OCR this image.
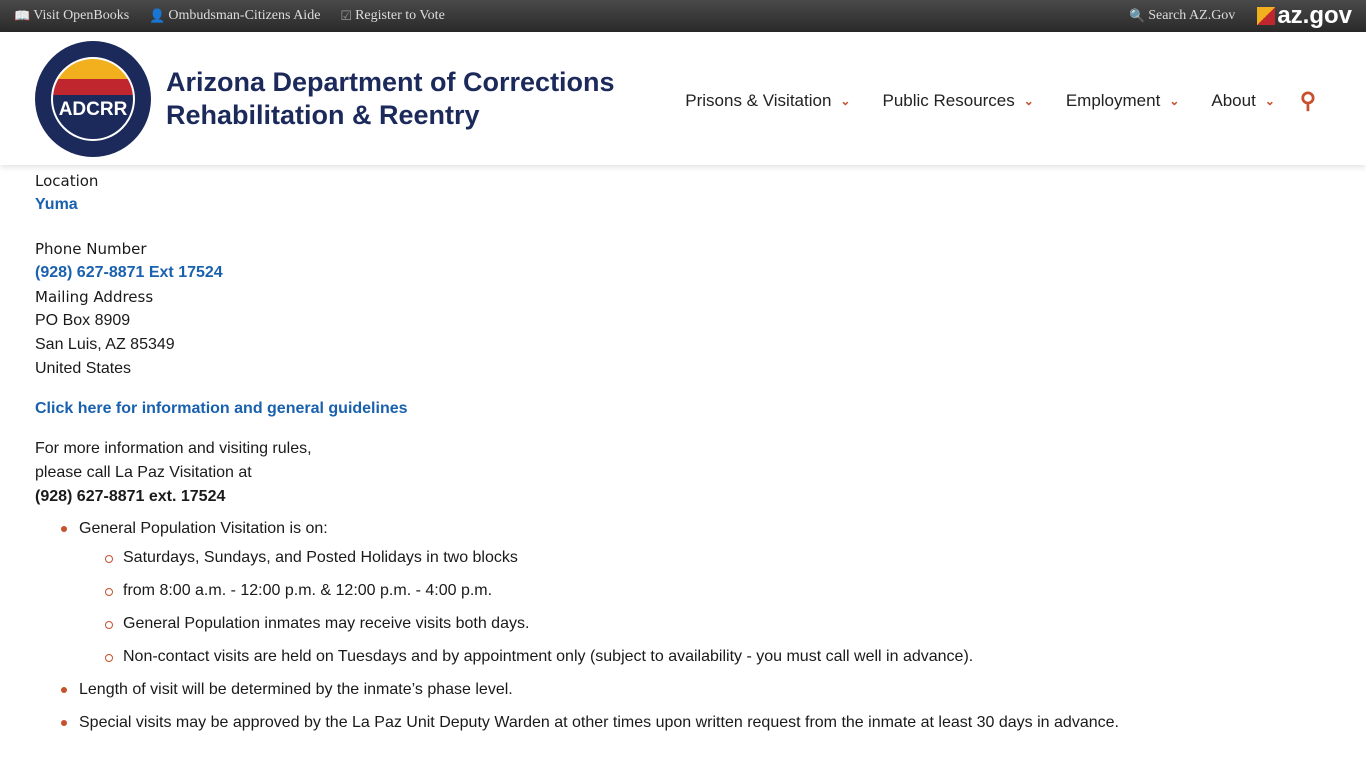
📖 Visit OpenBooks 👤 Ombudsman-Citizens Aide ☑ Register to Vote	🔍 Search AZ.Gov az.gov
ADCRR
Arizona Department of Corrections
Rehabilitation & Reentry	Prisons & Visitation ⌄ Public Resources ⌄ Employment ⌄ About ⌄ ⚲
Location
Yuma
Phone Number
(928) 627-8871 Ext 17524
Mailing Address
PO Box 8909
San Luis, AZ 85349
United States
Click here for information and general guidelines
For more information and visiting rules,
please call La Paz Visitation at
(928) 627-8871 ext. 17524
General Population Visitation is on:
Saturdays, Sundays, and Posted Holidays in two blocks
from 8:00 a.m. - 12:00 p.m. & 12:00 p.m. - 4:00 p.m.
General Population inmates may receive visits both days.
Non-contact visits are held on Tuesdays and by appointment only (subject to availability - you must call well in advance).
Length of visit will be determined by the inmate’s phase level.
Special visits may be approved by the La Paz Unit Deputy Warden at other times upon written request from the inmate at least 30 days in advance.
